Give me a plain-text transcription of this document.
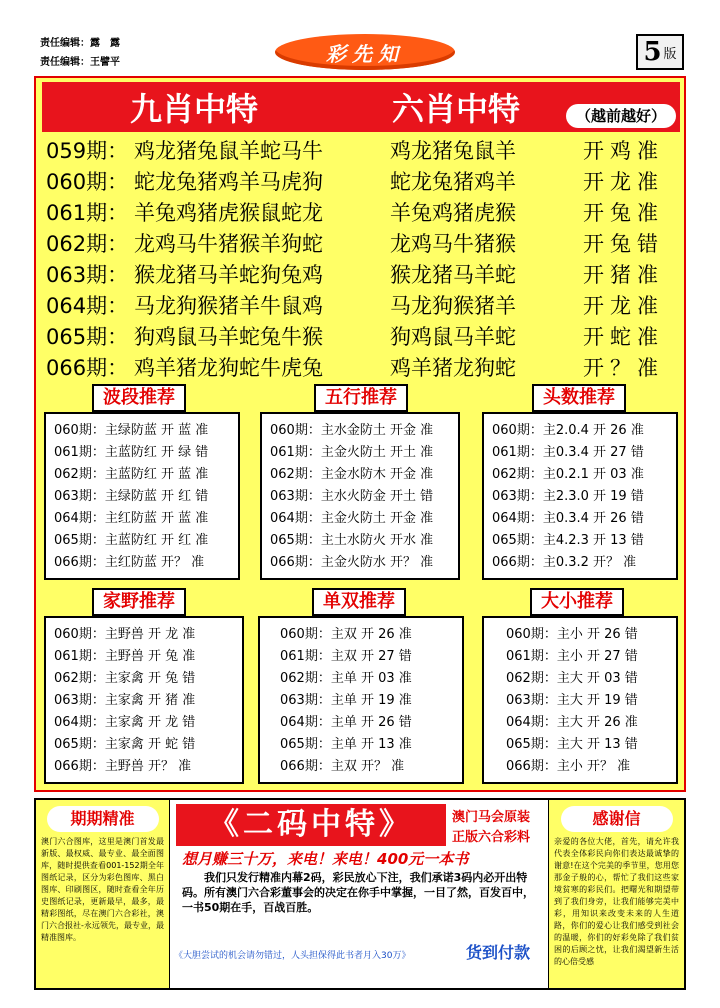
责任编辑：露　露
责任编辑：王譬平	彩先知	5 版
九肖中特	六肖中特	（越前越好）
059期： 鸡龙猪兔鼠羊蛇马牛	鸡龙猪兔鼠羊	开鸡准
060期： 蛇龙兔猪鸡羊马虎狗	蛇龙兔猪鸡羊	开龙准
061期： 羊兔鸡猪虎猴鼠蛇龙	羊兔鸡猪虎猴	开兔准
062期： 龙鸡马牛猪猴羊狗蛇	龙鸡马牛猪猴	开兔错
063期： 猴龙猪马羊蛇狗兔鸡	猴龙猪马羊蛇	开猪准
064期： 马龙狗猴猪羊牛鼠鸡	马龙狗猴猪羊	开龙准
065期： 狗鸡鼠马羊蛇兔牛猴	狗鸡鼠马羊蛇	开蛇准
066期： 鸡羊猪龙狗蛇牛虎兔	鸡羊猪龙狗蛇	开？准
波段推荐	五行推荐	头数推荐
060期：主绿防蓝 开 蓝 准
061期：主蓝防红 开 绿 错
062期：主蓝防红 开 蓝 准
063期：主绿防蓝 开 红 错
064期：主红防蓝 开 蓝 准
065期：主蓝防红 开 红 准
066期：主红防蓝 开？ 准
060期：主水金防土 开金 准
061期：主金火防土 开土 准
062期：主金水防木 开金 准
063期：主水火防金 开土 错
064期：主金火防土 开金 准
065期：主土水防火 开水 准
066期：主金火防水 开？ 准
060期：主2.0.4 开 26 准
061期：主0.3.4 开 27 错
062期：主0.2.1 开 03 准
063期：主2.3.0 开 19 错
064期：主0.3.4 开 26 错
065期：主4.2.3 开 13 错
066期：主0.3.2 开？ 准
家野推荐	单双推荐	大小推荐
060期：主野兽 开 龙 准
061期：主野兽 开 兔 准
062期：主家禽 开 兔 错
063期：主家禽 开 猪 准
064期：主家禽 开 龙 错
065期：主家禽 开 蛇 错
066期：主野兽 开？ 准
060期：主双 开 26 准
061期：主双 开 27 错
062期：主单 开 03 准
063期：主单 开 19 准
064期：主单 开 26 错
065期：主单 开 13 准
066期：主双 开？ 准
060期：主小 开 26 错
061期：主小 开 27 错
062期：主大 开 03 错
063期：主大 开 19 错
064期：主大 开 26 准
065期：主大 开 13 错
066期：主小 开？ 准
期期精准
澳门六合图库，这里是澳门首发最新版、最权威、最专业、最全面图库，随时提供查看001-152期全年图纸记录，区分为彩色图库、黑白图库、印刷图区，随时查看全年历史图纸记录，更新最早，最多，最精彩图纸，尽在澳门六合彩社，澳门六合报社-永远领先，最专业，最精准图库。
《二码中特》	澳门马会原装
正版六合彩料
想月赚三十万，来电！来电！400元一本书
我们只发行精准内幕2码，彩民放心下注，我们承诺3码内必开出特码。所有澳门六合彩董事会的决定在你手中掌握，一目了然，百发百中，一书50期在手，百战百胜。
《大胆尝试的机会请勿错过，人头担保得此书者月入30万》	货到付款
感谢信
亲爱的各位大佬，首先，请允许我代表全体彩民向你们表达最诚挚的谢意!在这个完美的季节里，您用您那金子般的心，帮忙了我们这些家境贫寒的彩民们。把曙光和期望带到了我们身旁，让我们能够完美中彩，用知识来改变未来的人生道路，你们的爱心让我们感受到社会的温暖，你们的好彩免除了我们贫困的后顾之忧，让我们渴望新生活的心倍受感
